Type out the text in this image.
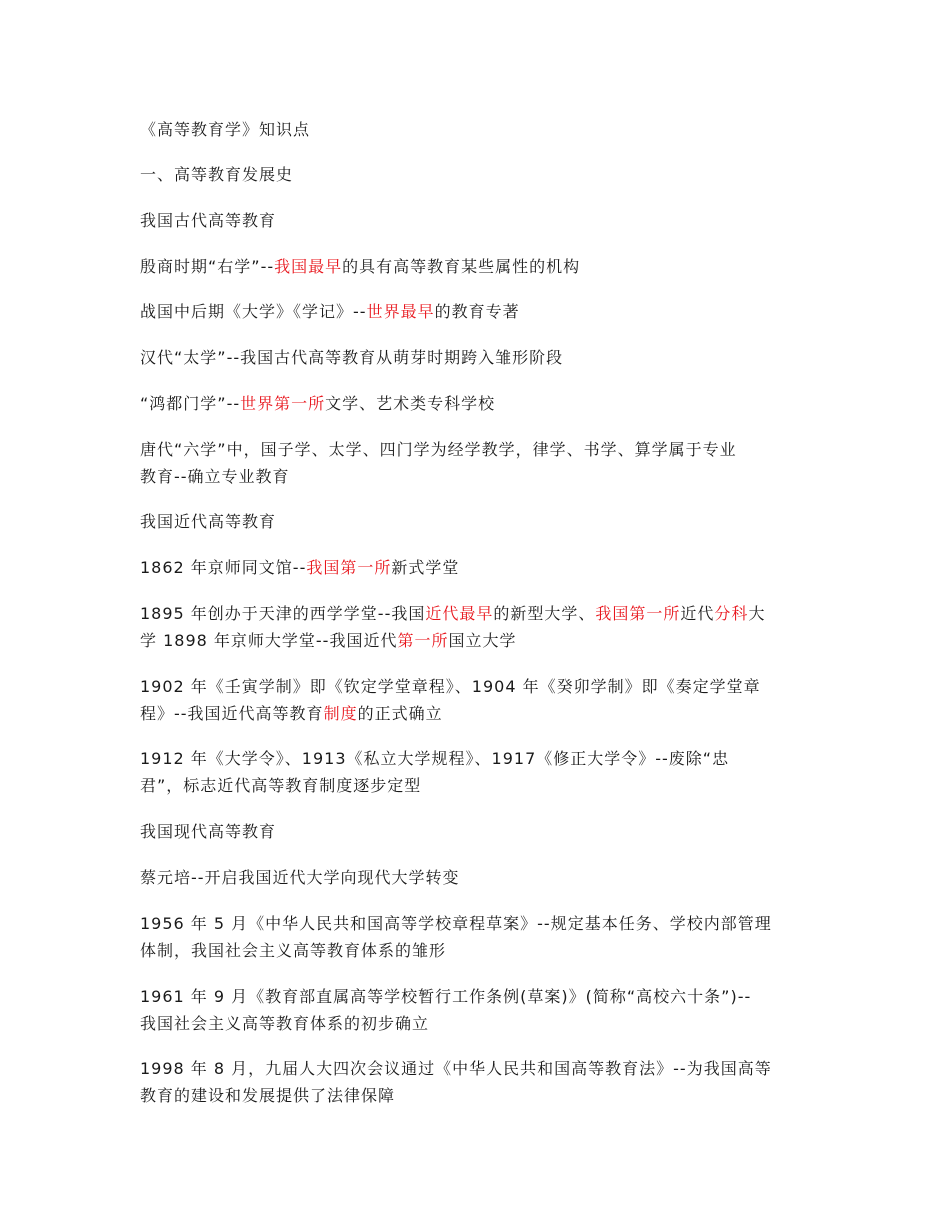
《高等教育学》知识点

一、高等教育发展史

我国古代高等教育

殷商时期“右学”--我国最早的具有高等教育某些属性的机构

战国中后期《大学》《学记》--世界最早的教育专著

汉代“太学”--我国古代高等教育从萌芽时期跨入雏形阶段

“鸿都门学”--世界第一所文学、艺术类专科学校

唐代“六学”中，国子学、太学、四门学为经学教学，律学、书学、算学属于专业
教育--确立专业教育

我国近代高等教育

1862 年京师同文馆--我国第一所新式学堂

1895 年创办于天津的西学学堂--我国近代最早的新型大学、我国第一所近代分科大
学 1898 年京师大学堂--我国近代第一所国立大学

1902 年《壬寅学制》即《钦定学堂章程》、1904 年《癸卯学制》即《奏定学堂章
程》--我国近代高等教育制度的正式确立

1912 年《大学令》、1913《私立大学规程》、1917《修正大学令》--废除“忠
君”，标志近代高等教育制度逐步定型

我国现代高等教育

蔡元培--开启我国近代大学向现代大学转变

1956 年 5 月《中华人民共和国高等学校章程草案》--规定基本任务、学校内部管理
体制，我国社会主义高等教育体系的雏形

1961 年 9 月《教育部直属高等学校暂行工作条例(草案)》(简称“高校六十条”)--
我国社会主义高等教育体系的初步确立

1998 年 8 月，九届人大四次会议通过《中华人民共和国高等教育法》--为我国高等
教育的建设和发展提供了法律保障
